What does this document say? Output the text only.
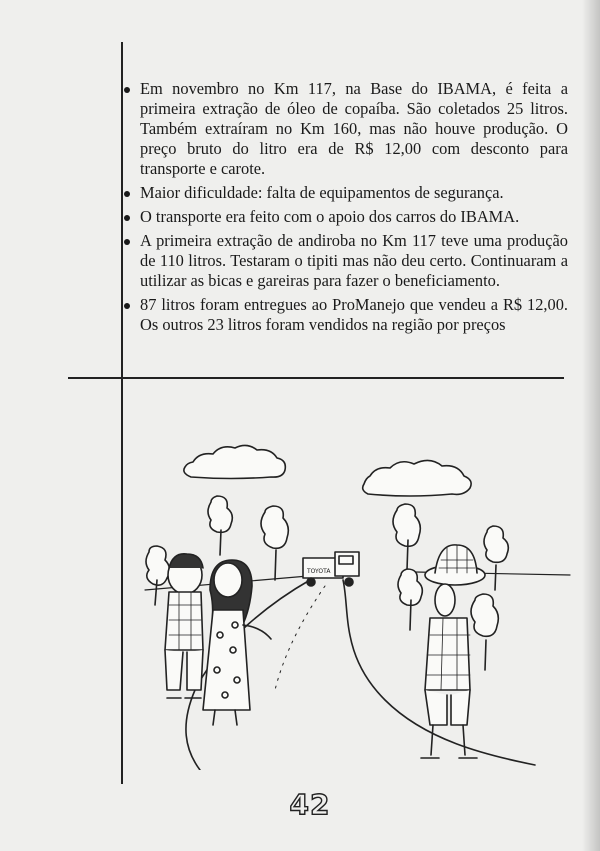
Em novembro no Km 117, na Base do IBAMA, é feita a primeira extração de óleo de copaíba. São coletados 25 litros. Também extraíram no Km 160, mas não houve produção. O preço bruto do litro era de R$ 12,00 com desconto para transporte e carote.
Maior dificuldade: falta de equipamentos de segurança.
O transporte era feito com o apoio dos carros do IBAMA.
A primeira extração de andiroba no Km 117 teve uma produção de 110 litros. Testaram o tipiti mas não deu certo. Continuaram a utilizar as bicas e gareiras para fazer o beneficiamento.
87 litros foram entregues ao ProManejo que vendeu a R$ 12,00. Os outros 23 litros foram vendidos na região por preços
TOYOTA
42
